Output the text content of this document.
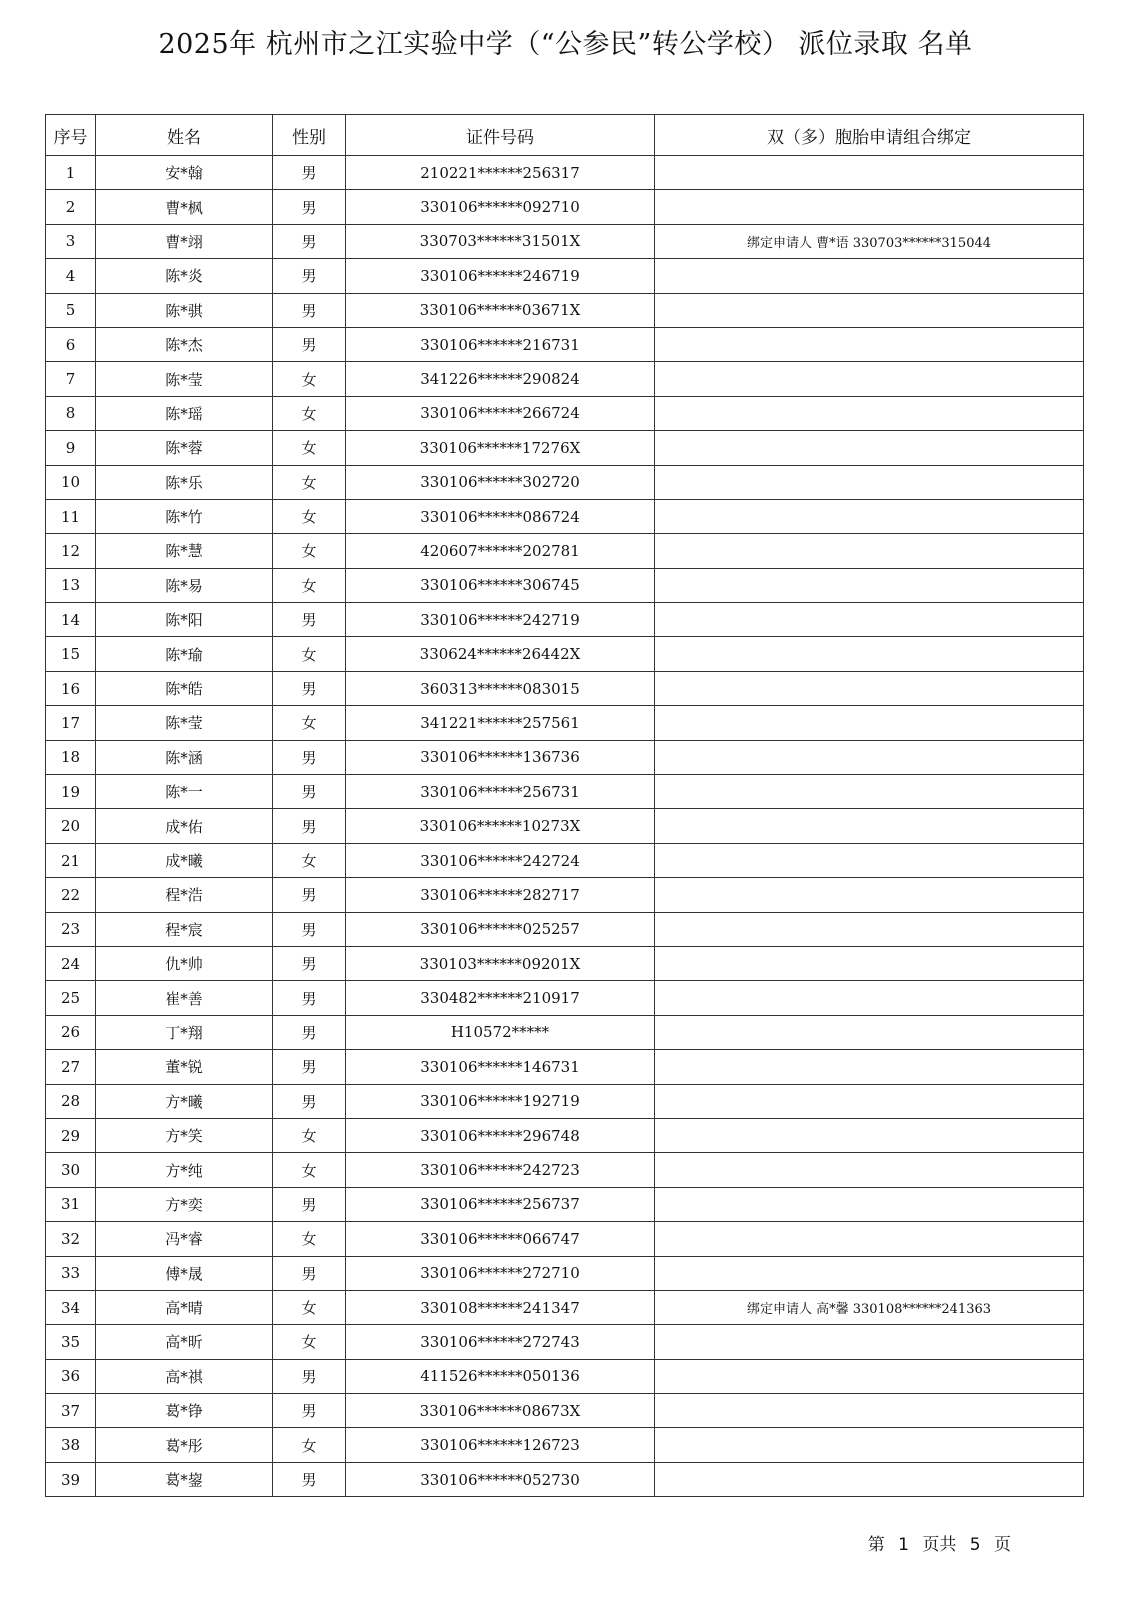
2025年 杭州市之江实验中学（“公参民”转公学校） 派位录取 名单
序号	姓名	性别	证件号码	双（多）胞胎申请组合绑定
1	安*翰	男	210221******256317	
2	曹*枫	男	330106******092710	
3	曹*翊	男	330703******31501X	绑定申请人 曹*语 330703******315044
4	陈*炎	男	330106******246719	
5	陈*骐	男	330106******03671X	
6	陈*杰	男	330106******216731	
7	陈*莹	女	341226******290824	
8	陈*瑶	女	330106******266724	
9	陈*蓉	女	330106******17276X	
10	陈*乐	女	330106******302720	
11	陈*竹	女	330106******086724	
12	陈*慧	女	420607******202781	
13	陈*易	女	330106******306745	
14	陈*阳	男	330106******242719	
15	陈*瑜	女	330624******26442X	
16	陈*皓	男	360313******083015	
17	陈*莹	女	341221******257561	
18	陈*涵	男	330106******136736	
19	陈*一	男	330106******256731	
20	成*佑	男	330106******10273X	
21	成*曦	女	330106******242724	
22	程*浩	男	330106******282717	
23	程*宸	男	330106******025257	
24	仇*帅	男	330103******09201X	
25	崔*善	男	330482******210917	
26	丁*翔	男	H10572*****	
27	董*锐	男	330106******146731	
28	方*曦	男	330106******192719	
29	方*笑	女	330106******296748	
30	方*纯	女	330106******242723	
31	方*奕	男	330106******256737	
32	冯*睿	女	330106******066747	
33	傅*晟	男	330106******272710	
34	高*晴	女	330108******241347	绑定申请人 高*馨 330108******241363
35	高*昕	女	330106******272743	
36	高*祺	男	411526******050136	
37	葛*铮	男	330106******08673X	
38	葛*彤	女	330106******126723	
39	葛*鋆	男	330106******052730	
第 1 页共 5 页
